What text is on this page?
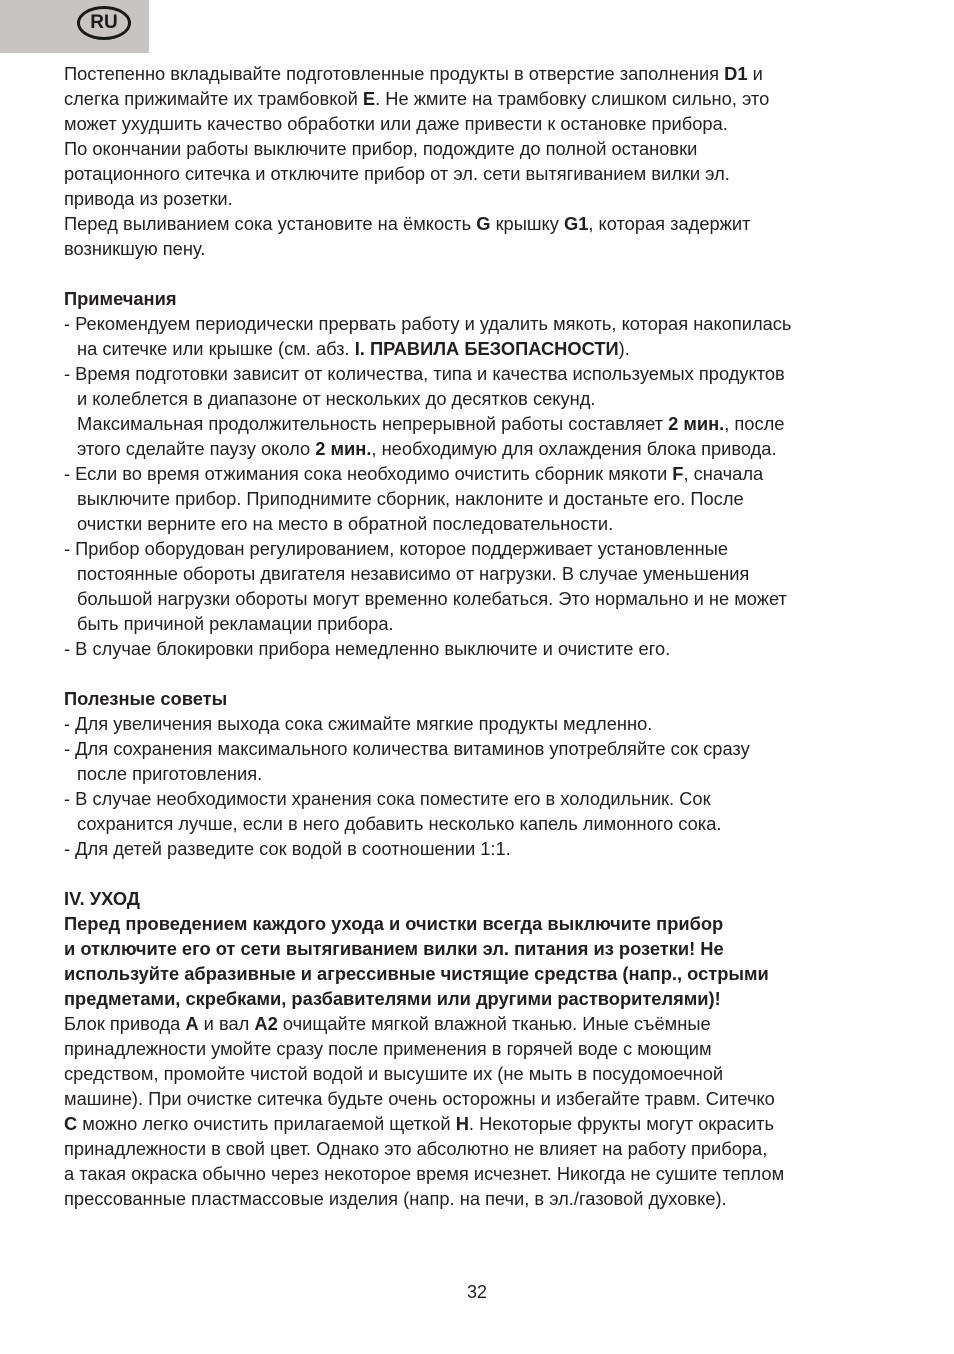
RU
Постепенно вкладывайте подготовленные продукты в отверстие заполнения D1 и
слегка прижимайте их трамбовкой E. Не жмите на трамбовку слишком сильно, это
может ухудшить качество обработки или даже привести к остановке прибора.
По окончании работы выключите прибор, подождите до полной остановки
ротационного ситечка и отключите прибор от эл. сети вытягиванием вилки эл.
привода из розетки.
Перед выливанием сока установите на ёмкость G крышку G1, которая задержит
возникшую пену.
Примечания
- Рекомендуем периодически прервать работу и удалить мякоть, которая накопилась
на ситечке или крышке (см. абз. I. ПРАВИЛА БЕЗОПАСНОСТИ).
- Время подготовки зависит от количества, типа и качества используемых продуктов
и колеблется в диапазоне от нескольких до десятков секунд.
Максимальная продолжительность непрерывной работы составляет 2 мин., после
этого сделайте паузу около 2 мин., необходимую для охлаждения блока привода.
- Если во время отжимания сока необходимо очистить сборник мякоти F, сначала
выключите прибор. Приподнимите сборник, наклоните и достаньте его. После
очистки верните его на место в обратной последовательности.
- Прибор оборудован регулированием, которое поддерживает установленные
постоянные обороты двигателя независимо от нагрузки. В случае уменьшения
большой нагрузки обороты могут временно колебаться. Это нормально и не может
быть причиной рекламации прибора.
- В случае блокировки прибора немедленно выключите и очистите его.
Полезные советы
- Для увеличения выхода сока сжимайте мягкие продукты медленно.
- Для сохранения максимального количества витаминов употребляйте сок сразу
после приготовления.
- В случае необходимости хранения сока поместите его в холодильник. Сок
сохранится лучше, если в него добавить несколько капель лимонного сока.
- Для детей разведите сок водой в соотношении 1:1.
IV. УХОД
Перед проведением каждого ухода и очистки всегда выключите прибор
и отключите его от сети вытягиванием вилки эл. питания из розетки! Не
используйте абразивные и агрессивные чистящие средства (напр., острыми
предметами, скребками, разбавителями или другими растворителями)!
Блок привода A и вал A2 очищайте мягкой влажной тканью. Иные съёмные
принадлежности умойте сразу после применения в горячей воде с моющим
средством, промойте чистой водой и высушите их (не мыть в посудомоечной
машине). При очистке ситечка будьте очень осторожны и избегайте травм. Ситечко
C можно легко очистить прилагаемой щеткой H. Некоторые фрукты могут окрасить
принадлежности в свой цвет. Однако это абсолютно не влияет на работу прибора,
а такая окраска обычно через некоторое время исчезнет. Никогда не сушите теплом
прессованные пластмассовые изделия (напр. на печи, в эл./газовой духовке).
32
